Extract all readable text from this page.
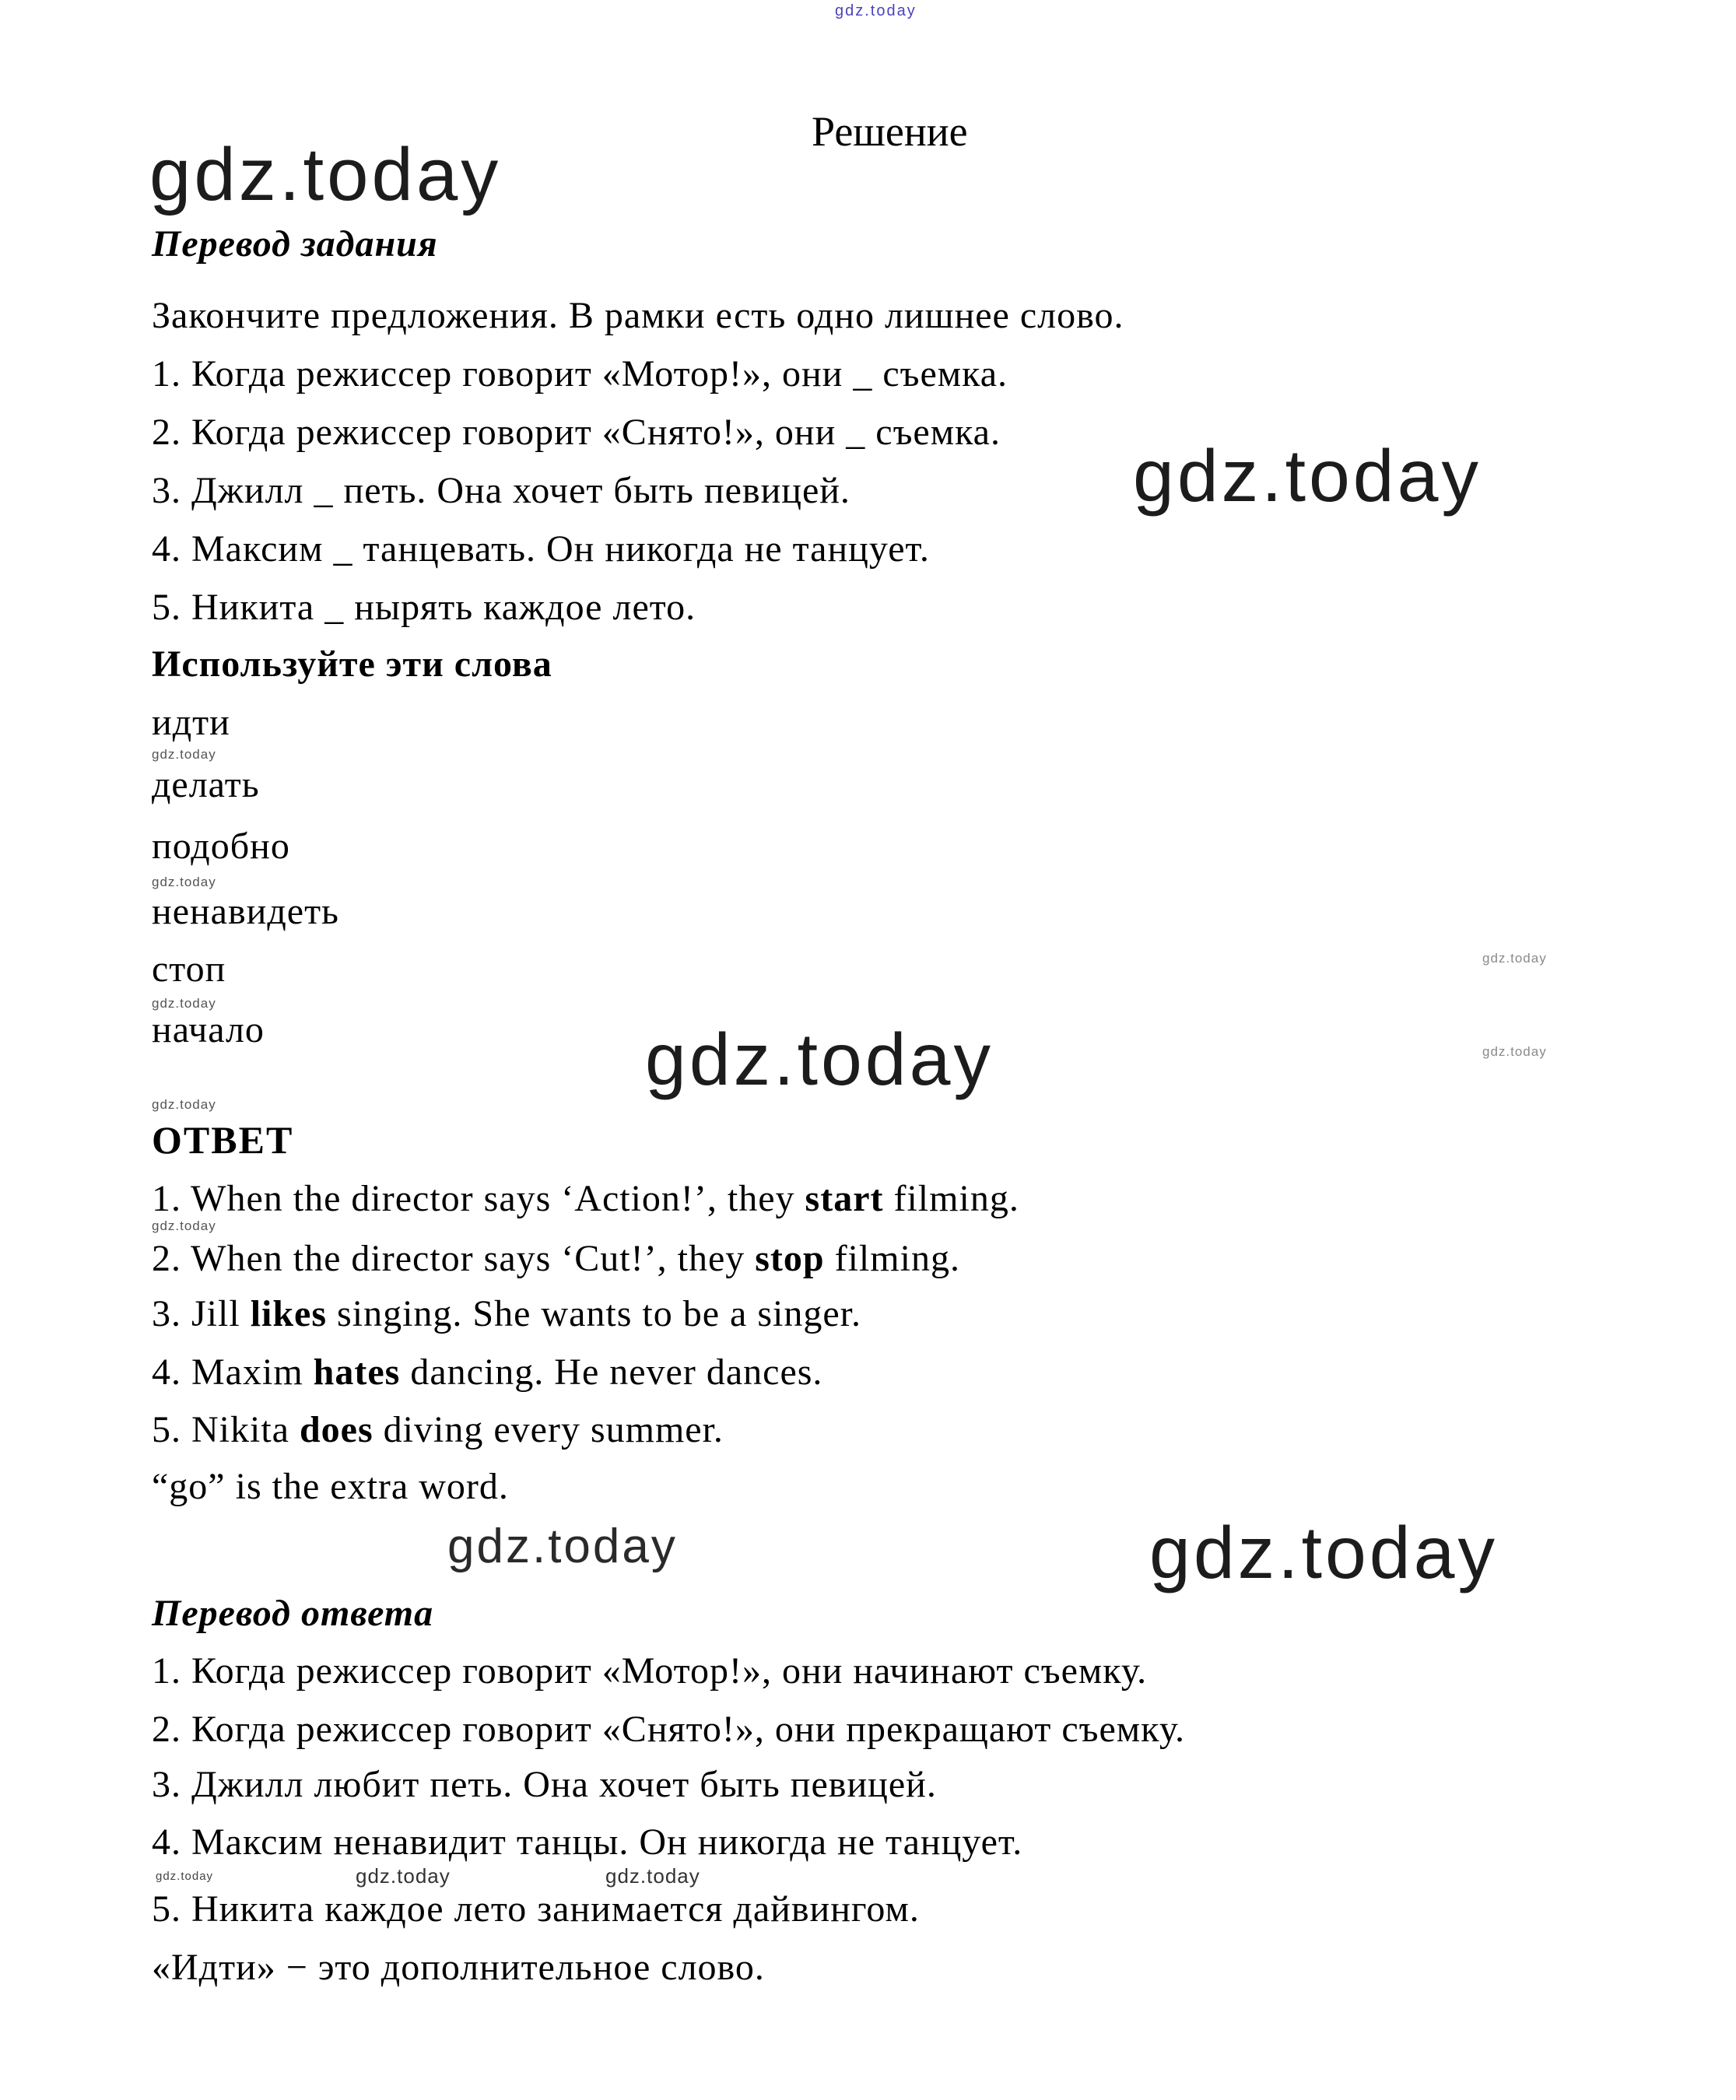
gdz.today
gdz.today
gdz.today
gdz.today
gdz.today
gdz.today
gdz.today
gdz.today
gdz.today
gdz.today
gdz.today
gdz.today	gdz.today
gdz.today	gdz.today	gdz.today
Решение
Перевод задания
Закончите предложения. В рамки есть одно лишнее слово.
1. Когда режиссер говорит «Мотор!», они _ съемка.
2. Когда режиссер говорит «Снято!», они _ съемка.
3. Джилл _ петь. Она хочет быть певицей.
4. Максим _ танцевать. Он никогда не танцует.
5. Никита _ нырять каждое лето.
Используйте эти слова
идти
делать
подобно
ненавидеть
стоп
начало
ОТВЕТ
1. When the director says ‘Action!’, they start filming.
2. When the director says ‘Cut!’, they stop filming.
3. Jill likes singing. She wants to be a singer.
4. Maxim hates dancing. He never dances.
5. Nikita does diving every summer.
“go” is the extra word.
Перевод ответа
1. Когда режиссер говорит «Мотор!», они начинают съемку.
2. Когда режиссер говорит «Снято!», они прекращают съемку.
3. Джилл любит петь. Она хочет быть певицей.
4. Максим ненавидит танцы. Он никогда не танцует.
5. Никита каждое лето занимается дайвингом.
«Идти» − это дополнительное слово.
